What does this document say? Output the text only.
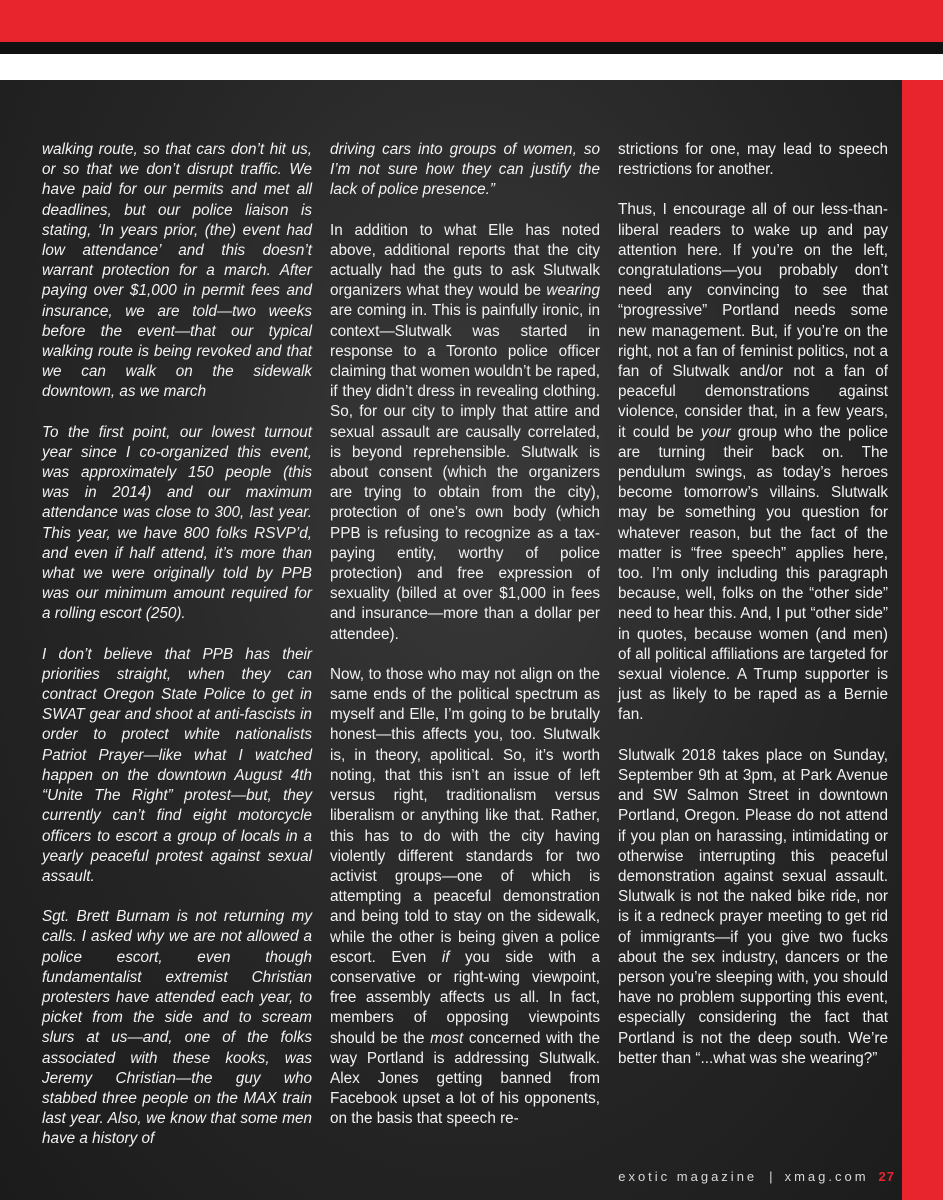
walking route, so that cars don’t hit us, or so that we don’t disrupt traffic. We have paid for our permits and met all deadlines, but our police liaison is stating, ‘In years prior, (the) event had low attendance’ and this doesn’t warrant protection for a march. After paying over $1,000 in permit fees and insurance, we are told—two weeks before the event—that our typical walking route is being revoked and that we can walk on the sidewalk downtown, as we march

To the first point, our lowest turnout year since I co-organized this event, was approximately 150 people (this was in 2014) and our maximum attendance was close to 300, last year. This year, we have 800 folks RSVP’d, and even if half attend, it’s more than what we were originally told by PPB was our minimum amount required for a rolling escort (250).

I don’t believe that PPB has their priorities straight, when they can contract Oregon State Police to get in SWAT gear and shoot at anti-fascists in order to protect white nationalists Patriot Prayer—like what I watched happen on the downtown August 4th “Unite The Right” protest—but, they currently can’t find eight motorcycle officers to escort a group of locals in a yearly peaceful protest against sexual assault.

Sgt. Brett Burnam is not returning my calls. I asked why we are not allowed a police escort, even though fundamentalist extremist Christian protesters have attended each year, to picket from the side and to scream slurs at us—and, one of the folks associated with these kooks, was Jeremy Christian—the guy who stabbed three people on the MAX train last year. Also, we know that some men have a history of

driving cars into groups of women, so I’m not sure how they can justify the lack of police presence.”

In addition to what Elle has noted above, additional reports that the city actually had the guts to ask Slutwalk organizers what they would be wearing are coming in. This is painfully ironic, in context—Slutwalk was started in response to a Toronto police officer claiming that women wouldn’t be raped, if they didn’t dress in revealing clothing. So, for our city to imply that attire and sexual assault are causally correlated, is beyond reprehensible. Slutwalk is about consent (which the organizers are trying to obtain from the city), protection of one’s own body (which PPB is refusing to recognize as a tax-paying entity, worthy of police protection) and free expression of sexuality (billed at over $1,000 in fees and insurance—more than a dollar per attendee).

Now, to those who may not align on the same ends of the political spectrum as myself and Elle, I’m going to be brutally honest—this affects you, too. Slutwalk is, in theory, apolitical. So, it’s worth noting, that this isn’t an issue of left versus right, traditionalism versus liberalism or anything like that. Rather, this has to do with the city having violently different standards for two activist groups—one of which is attempting a peaceful demonstration and being told to stay on the sidewalk, while the other is being given a police escort. Even if you side with a conservative or right-wing viewpoint, free assembly affects us all. In fact, members of opposing viewpoints should be the most concerned with the way Portland is addressing Slutwalk. Alex Jones getting banned from Facebook upset a lot of his opponents, on the basis that speech re-

strictions for one, may lead to speech restrictions for another.

Thus, I encourage all of our less-than-liberal readers to wake up and pay attention here. If you’re on the left, congratulations—you probably don’t need any convincing to see that “progressive” Portland needs some new management. But, if you’re on the right, not a fan of feminist politics, not a fan of Slutwalk and/or not a fan of peaceful demonstrations against violence, consider that, in a few years, it could be your group who the police are turning their back on. The pendulum swings, as today’s heroes become tomorrow’s villains. Slutwalk may be something you question for whatever reason, but the fact of the matter is “free speech” applies here, too. I’m only including this paragraph because, well, folks on the “other side” need to hear this. And, I put “other side” in quotes, because women (and men) of all political affiliations are targeted for sexual violence. A Trump supporter is just as likely to be raped as a Bernie fan.

Slutwalk 2018 takes place on Sunday, September 9th at 3pm, at Park Avenue and SW Salmon Street in downtown Portland, Oregon. Please do not attend if you plan on harassing, intimidating or otherwise interrupting this peaceful demonstration against sexual assault. Slutwalk is not the naked bike ride, nor is it a redneck prayer meeting to get rid of immigrants—if you give two fucks about the sex industry, dancers or the person you’re sleeping with, you should have no problem supporting this event, especially considering the fact that Portland is not the deep south. We’re better than “...what was she wearing?”

exotic magazine | xmag.com 27
